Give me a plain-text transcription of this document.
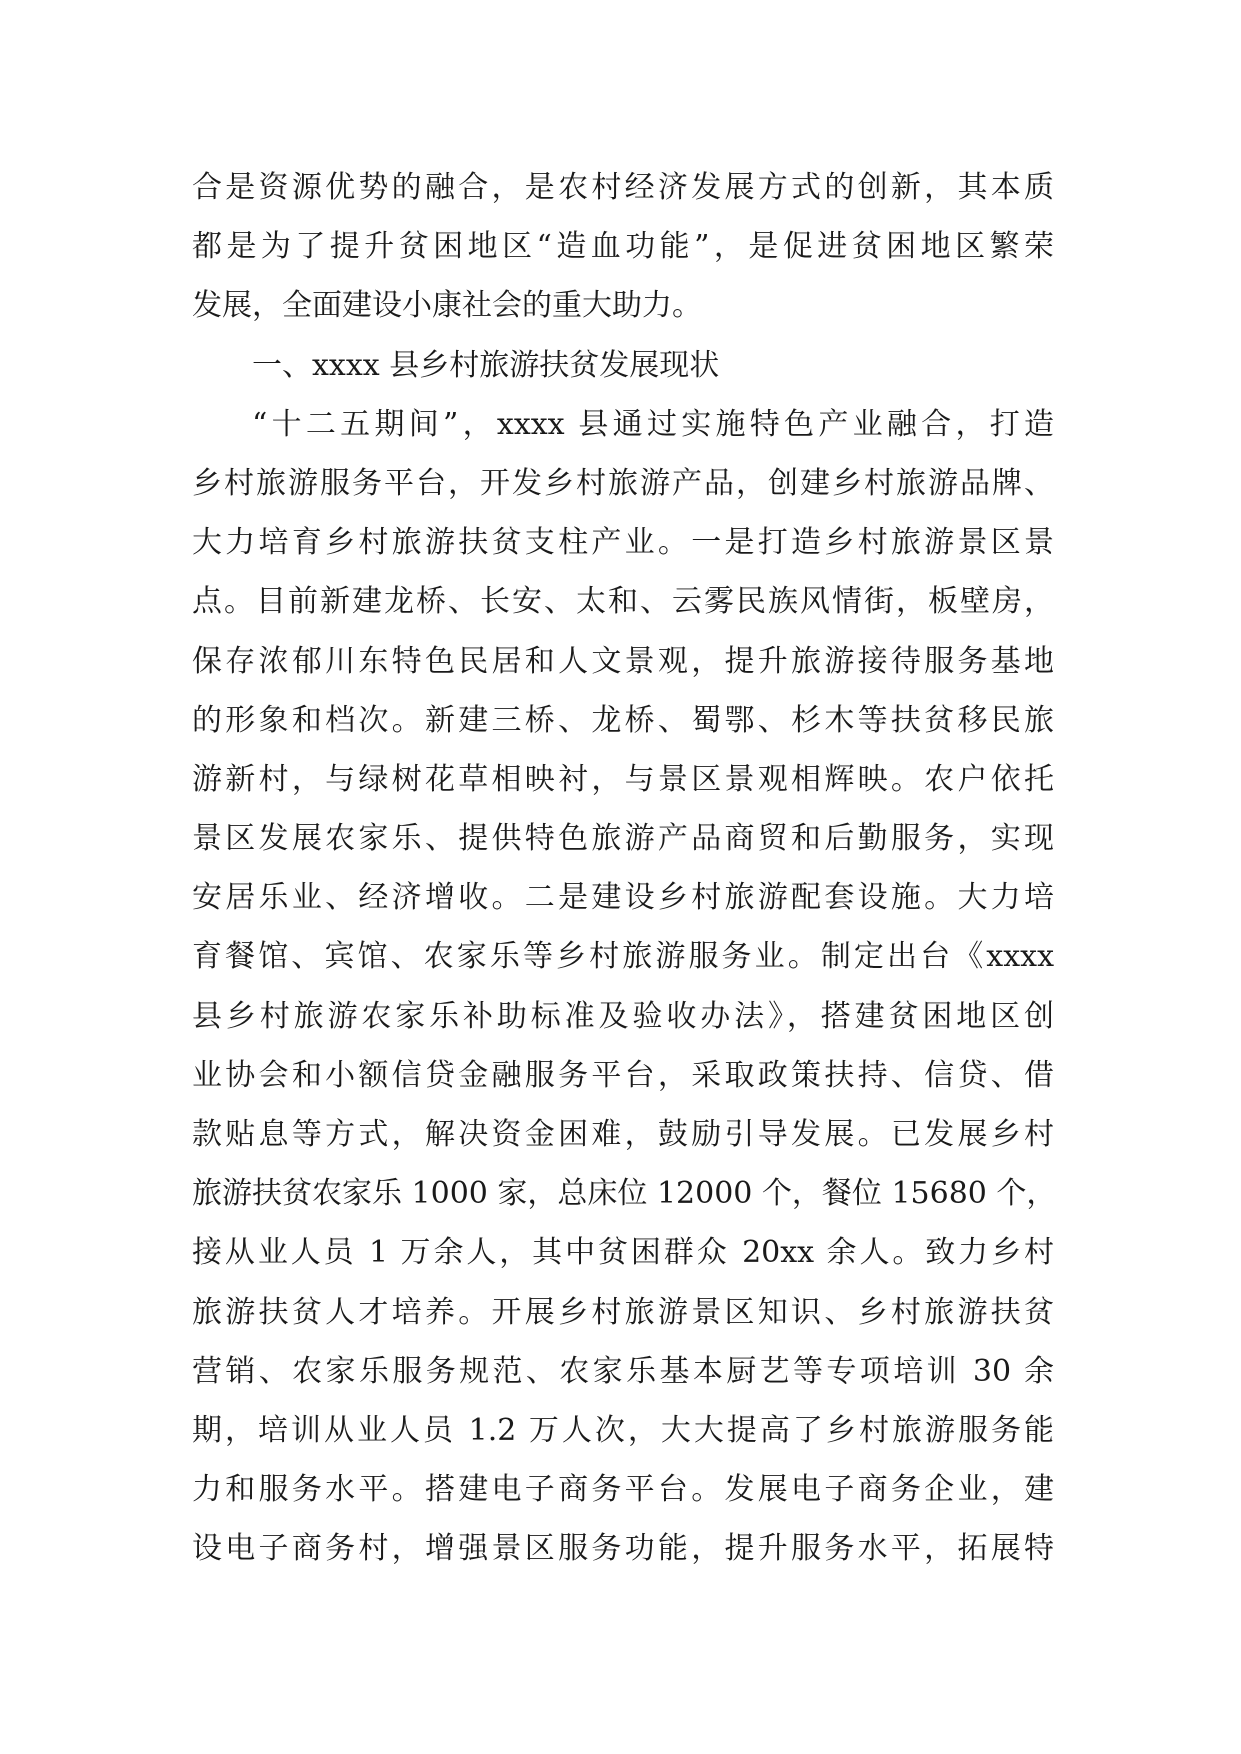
合是资源优势的融合，是农村经济发展方式的创新，其本质
都是为了提升贫困地区“造血功能”，是促进贫困地区繁荣
发展，全面建设小康社会的重大助力。
一、xxxx 县乡村旅游扶贫发展现状
“十二五期间”，xxxx 县通过实施特色产业融合，打造
乡村旅游服务平台，开发乡村旅游产品，创建乡村旅游品牌、
大力培育乡村旅游扶贫支柱产业。一是打造乡村旅游景区景
点。目前新建龙桥、长安、太和、云雾民族风情街，板壁房，
保存浓郁川东特色民居和人文景观，提升旅游接待服务基地
的形象和档次。新建三桥、龙桥、蜀鄂、杉木等扶贫移民旅
游新村，与绿树花草相映衬，与景区景观相辉映。农户依托
景区发展农家乐、提供特色旅游产品商贸和后勤服务，实现
安居乐业、经济增收。二是建设乡村旅游配套设施。大力培
育餐馆、宾馆、农家乐等乡村旅游服务业。制定出台《xxxx
县乡村旅游农家乐补助标准及验收办法》，搭建贫困地区创
业协会和小额信贷金融服务平台，采取政策扶持、信贷、借
款贴息等方式，解决资金困难，鼓励引导发展。已发展乡村
旅游扶贫农家乐 1000 家，总床位 12000 个，餐位 15680 个，
接从业人员 1 万余人，其中贫困群众 20xx 余人。致力乡村
旅游扶贫人才培养。开展乡村旅游景区知识、乡村旅游扶贫
营销、农家乐服务规范、农家乐基本厨艺等专项培训 30 余
期，培训从业人员 1.2 万人次，大大提高了乡村旅游服务能
力和服务水平。搭建电子商务平台。发展电子商务企业，建
设电子商务村，增强景区服务功能，提升服务水平，拓展特
